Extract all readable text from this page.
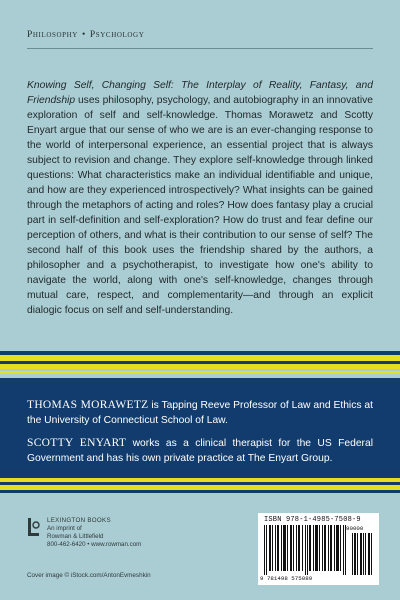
Philosophy • Psychology

Knowing Self, Changing Self: The Interplay of Reality, Fantasy, and Friendship uses philosophy, psychology, and autobiography in an innovative exploration of self and self-knowledge. Thomas Morawetz and Scotty Enyart argue that our sense of who we are is an ever-changing response to the world of interpersonal experience, an essential project that is always subject to revision and change. They explore self-knowledge through linked questions: What characteristics make an individual identifiable and unique, and how are they experienced introspectively? What insights can be gained through the metaphors of acting and roles? How does fantasy play a crucial part in self-definition and self-exploration? How do trust and fear define our perception of others, and what is their contribution to our sense of self? The second half of this book uses the friendship shared by the authors, a philosopher and a psychotherapist, to investigate how one's ability to navigate the world, along with one's self-knowledge, changes through mutual care, respect, and complementarity—and through an explicit dialogic focus on self and self-understanding.

THOMAS MORAWETZ is Tapping Reeve Professor of Law and Ethics at the University of Connecticut School of Law.

SCOTTY ENYART works as a clinical therapist for the US Federal Government and has his own private practice at The Enyart Group.

LEXINGTON BOOKS
An imprint of
Rowman & Littlefield
800-462-6420 • www.rowman.com
Cover image © iStock.com/AntonEvmeshkin
ISBN 978-1-4985-7508-9
9 781498 575089
90000
